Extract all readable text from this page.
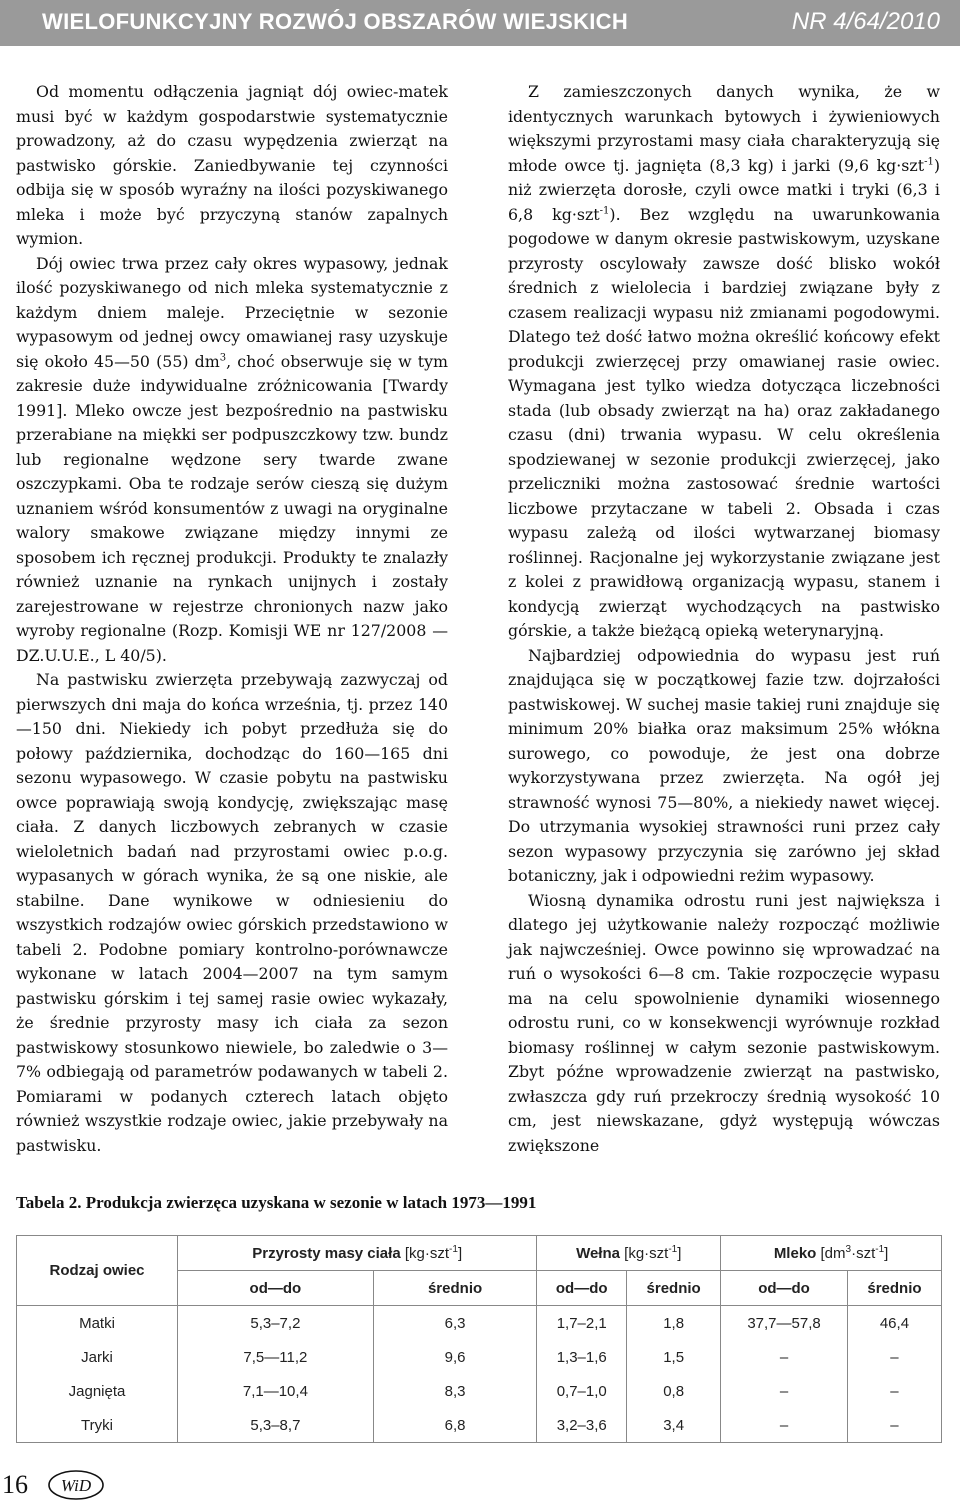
WIELOFUNKCYJNY ROZWÓJ OBSZARÓW WIEJSKICH	NR 4/64/2010

Od momentu odłączenia jagniąt dój owiec-matek musi być w każdym gospodarstwie systematycznie prowadzony, aż do czasu wypędzenia zwierząt na pastwisko górskie. Zaniedbywanie tej czynności odbija się w sposób wyraźny na ilości pozyskiwanego mleka i może być przyczyną stanów zapalnych wymion.

Dój owiec trwa przez cały okres wypasowy, jednak ilość pozyskiwanego od nich mleka systematycznie z każdym dniem maleje. Przeciętnie w sezonie wypasowym od jednej owcy omawianej rasy uzyskuje się około 45—50 (55) $dm^3$, choć obserwuje się w tym zakresie duże indywidualne zróżnicowania [Twardy 1991]. Mleko owcze jest bezpośrednio na pastwisku przerabiane na miękki ser podpuszczkowy tzw. bundz lub regionalne wędzone sery twarde zwane oszczypkami. Oba te rodzaje serów cieszą się dużym uznaniem wśród konsumentów z uwagi na oryginalne walory smakowe związane między innymi ze sposobem ich ręcznej produkcji. Produkty te znalazły również uznanie na rynkach unijnych i zostały zarejestrowane w rejestrze chronionych nazw jako wyroby regionalne (Rozp. Komisji WE nr 127/2008 — DZ.U.U.E., L 40/5).

Na pastwisku zwierzęta przebywają zazwyczaj od pierwszych dni maja do końca września, tj. przez 140—150 dni. Niekiedy ich pobyt przedłuża się do połowy października, dochodząc do 160—165 dni sezonu wypasowego. W czasie pobytu na pastwisku owce poprawiają swoją kondycję, zwiększając masę ciała. Z danych liczbowych zebranych w czasie wieloletnich badań nad przyrostami owiec p.o.g. wypasanych w górach wynika, że są one niskie, ale stabilne. Dane wynikowe w odniesieniu do wszystkich rodzajów owiec górskich przedstawiono w tabeli 2. Podobne pomiary kontrolno-porównawcze wykonane w latach 2004—2007 na tym samym pastwisku górskim i tej samej rasie owiec wykazały, że średnie przyrosty masy ich ciała za sezon pastwiskowy stosunkowo niewiele, bo zaledwie o 3—7% odbiegają od parametrów podawanych w tabeli 2. Pomiarami w podanych czterech latach objęto również wszystkie rodzaje owiec, jakie przebywały na pastwisku.

Z zamieszczonych danych wynika, że w identycznych warunkach bytowych i żywieniowych większymi przyrostami masy ciała charakteryzują się młode owce tj. jagnięta (8,3 kg) i jarki (9,6 kg·szt$^{-1}$) niż zwierzęta dorosłe, czyli owce matki i tryki (6,3 i 6,8 kg·szt$^{-1}$). Bez względu na uwarunkowania pogodowe w danym okresie pastwiskowym, uzyskane przyrosty oscylowały zawsze dość blisko wokół średnich z wielolecia i bardziej związane były z czasem realizacji wypasu niż zmianami pogodowymi. Dlatego też dość łatwo można określić końcowy efekt produkcji zwierzęcej przy omawianej rasie owiec. Wymagana jest tylko wiedza dotycząca liczebności stada (lub obsady zwierząt na ha) oraz zakładanego czasu (dni) trwania wypasu. W celu określenia spodziewanej w sezonie produkcji zwierzęcej, jako przeliczniki można zastosować średnie wartości liczbowe przytaczane w tabeli 2. Obsada i czas wypasu zależą od ilości wytwarzanej biomasy roślinnej. Racjonalne jej wykorzystanie związane jest z kolei z prawidłową organizacją wypasu, stanem i kondycją zwierząt wychodzących na pastwisko górskie, a także bieżącą opieką weterynaryjną.

Najbardziej odpowiednia do wypasu jest ruń znajdująca się w początkowej fazie tzw. dojrzałości pastwiskowej. W suchej masie takiej runi znajduje się minimum 20% białka oraz maksimum 25% włókna surowego, co powoduje, że jest ona dobrze wykorzystywana przez zwierzęta. Na ogół jej strawność wynosi 75—80%, a niekiedy nawet więcej. Do utrzymania wysokiej strawności runi przez cały sezon wypasowy przyczynia się zarówno jej skład botaniczny, jak i odpowiedni reżim wypasowy.

Wiosną dynamika odrostu runi jest największa i dlatego jej użytkowanie należy rozpocząć możliwie jak najwcześniej. Owce powinno się wprowadzać na ruń o wysokości 6—8 cm. Takie rozpoczęcie wypasu ma na celu spowolnienie dynamiki wiosennego odrostu runi, co w konsekwencji wyrównuje rozkład biomasy roślinnej w całym sezonie pastwiskowym. Zbyt późne wprowadzenie zwierząt na pastwisko, zwłaszcza gdy ruń przekroczy średnią wysokość 10 cm, jest niewskazane, gdyż występują wówczas zwiększone

Tabela 2. Produkcja zwierzęca uzyskana w sezonie w latach 1973—1991
Rodzaj owiec	Przyrosty masy ciała [kg·szt$^{-1}$]		Wełna [kg·szt$^{-1}$]		Mleko $[dm^3\cdot szt^{-1}]$	
	od—do	średnio	od—do	średnio	od—do	średnio
Matki	5,3–7,2	6,3	1,7–2,1	1,8	37,7—57,8	46,4
Jarki	7,5—11,2	9,6	1,3–1,6	1,5	–	–
Jagnięta	7,1—10,4	8,3	0,7–1,0	0,8	–	–
Tryki	5,3–8,7	6,8	3,2–3,6	3,4	–	–
16 WiD
